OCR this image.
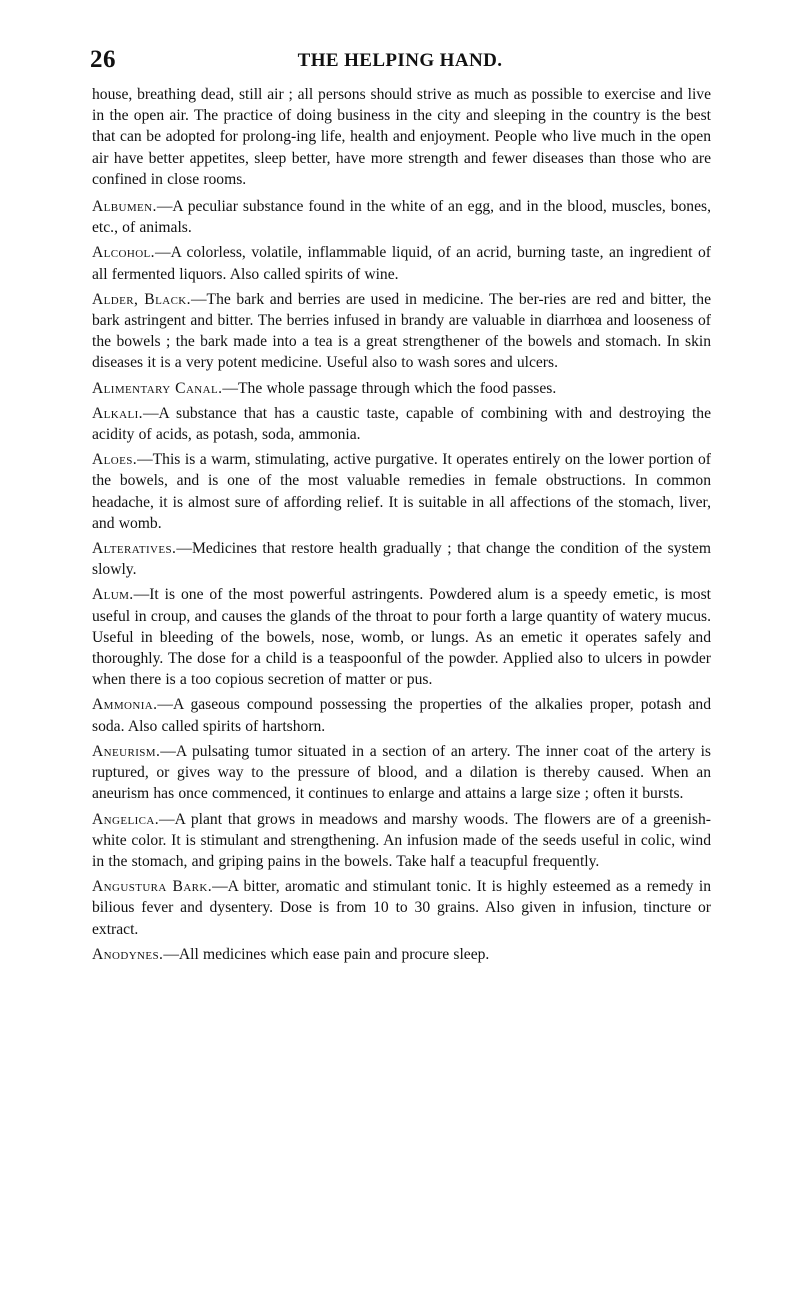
26	THE HELPING HAND.

house, breathing dead, still air ; all persons should strive as much as possible to exercise and live in the open air. The practice of doing business in the city and sleeping in the country is the best that can be adopted for prolong-ing life, health and enjoyment. People who live much in the open air have better appetites, sleep better, have more strength and fewer diseases than those who are confined in close rooms.

Albumen.—A peculiar substance found in the white of an egg, and in the blood, muscles, bones, etc., of animals.

Alcohol.—A colorless, volatile, inflammable liquid, of an acrid, burning taste, an ingredient of all fermented liquors. Also called spirits of wine.

Alder, Black.—The bark and berries are used in medicine. The ber-ries are red and bitter, the bark astringent and bitter. The berries infused in brandy are valuable in diarrhœa and looseness of the bowels ; the bark made into a tea is a great strengthener of the bowels and stomach. In skin diseases it is a very potent medicine. Useful also to wash sores and ulcers.

Alimentary Canal.—The whole passage through which the food passes.

Alkali.—A substance that has a caustic taste, capable of combining with and destroying the acidity of acids, as potash, soda, ammonia.

Aloes.—This is a warm, stimulating, active purgative. It operates entirely on the lower portion of the bowels, and is one of the most valuable remedies in female obstructions. In common headache, it is almost sure of affording relief. It is suitable in all affections of the stomach, liver, and womb.

Alteratives.—Medicines that restore health gradually ; that change the condition of the system slowly.

Alum.—It is one of the most powerful astringents. Powdered alum is a speedy emetic, is most useful in croup, and causes the glands of the throat to pour forth a large quantity of watery mucus. Useful in bleeding of the bowels, nose, womb, or lungs. As an emetic it operates safely and thoroughly. The dose for a child is a teaspoonful of the powder. Applied also to ulcers in powder when there is a too copious secretion of matter or pus.

Ammonia.—A gaseous compound possessing the properties of the alkalies proper, potash and soda. Also called spirits of hartshorn.

Aneurism.—A pulsating tumor situated in a section of an artery. The inner coat of the artery is ruptured, or gives way to the pressure of blood, and a dilation is thereby caused. When an aneurism has once commenced, it continues to enlarge and attains a large size ; often it bursts.

Angelica.—A plant that grows in meadows and marshy woods. The flowers are of a greenish-white color. It is stimulant and strengthening. An infusion made of the seeds useful in colic, wind in the stomach, and griping pains in the bowels. Take half a teacupful frequently.

Angustura Bark.—A bitter, aromatic and stimulant tonic. It is highly esteemed as a remedy in bilious fever and dysentery. Dose is from 10 to 30 grains. Also given in infusion, tincture or extract.

Anodynes.—All medicines which ease pain and procure sleep.
